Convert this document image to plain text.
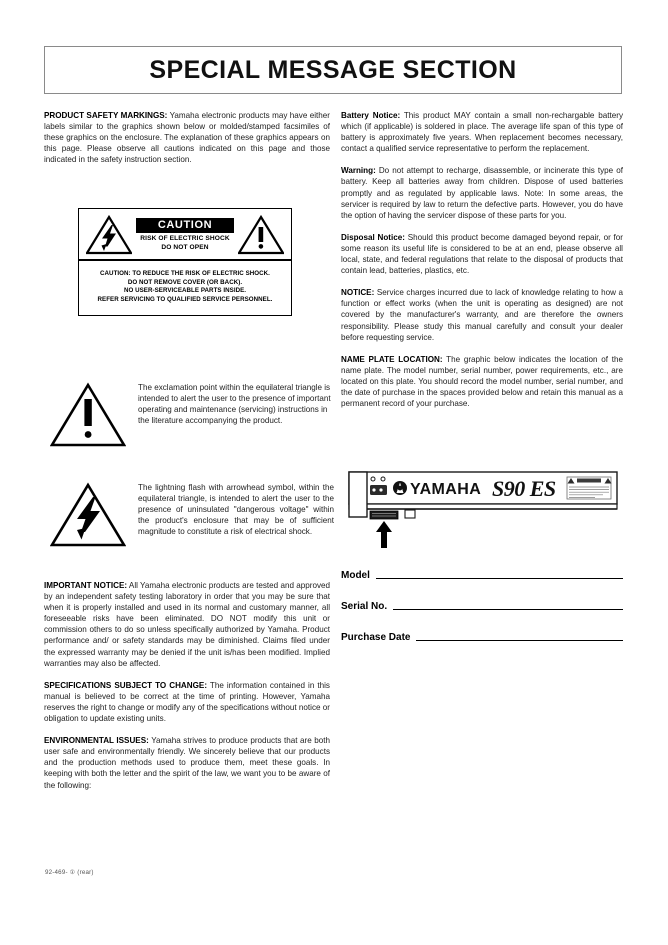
SPECIAL MESSAGE SECTION

PRODUCT SAFETY MARKINGS: Yamaha electronic products may have either labels similar to the graphics shown below or molded/stamped facsimiles of these graphics on the enclosure. The explanation of these graphics appears on this page. Please observe all cautions indicated on this page and those indicated in the safety instruction section.

CAUTION
RISK OF ELECTRIC SHOCK
DO NOT OPEN
CAUTION: TO REDUCE THE RISK OF ELECTRIC SHOCK.
DO NOT REMOVE COVER (OR BACK).
NO USER-SERVICEABLE PARTS INSIDE.
REFER SERVICING TO QUALIFIED SERVICE PERSONNEL.
The exclamation point within the equilateral triangle is intended to alert the user to the presence of important operating and maintenance (servicing) instructions in the literature accompanying the product.
The lightning flash with arrowhead symbol, within the equilateral triangle, is intended to alert the user to the presence of uninsulated "dangerous voltage" within the product's enclosure that may be of sufficient magnitude to constitute a risk of electrical shock.

Battery Notice: This product MAY contain a small non-rechargable battery which (if applicable) is soldered in place. The average life span of this type of battery is approximately five years. When replacement becomes necessary, contact a qualified service representative to perform the replacement.

Warning: Do not attempt to recharge, disassemble, or incinerate this type of battery. Keep all batteries away from children. Dispose of used batteries promptly and as regulated by applicable laws. Note: In some areas, the servicer is required by law to return the defective parts. However, you do have the option of having the servicer dispose of these parts for you.

Disposal Notice: Should this product become damaged beyond repair, or for some reason its useful life is considered to be at an end, please observe all local, state, and federal regulations that relate to the disposal of products that contain lead, batteries, plastics, etc.

NOTICE: Service charges incurred due to lack of knowledge relating to how a function or effect works (when the unit is operating as designed) are not covered by the manufacturer's warranty, and are therefore the owners responsibility. Please study this manual carefully and consult your dealer before requesting service.

NAME PLATE LOCATION: The graphic below indicates the location of the name plate. The model number, serial number, power requirements, etc., are located on this plate. You should record the model number, serial number, and the date of purchase in the spaces provided below and retain this manual as a permanent record of your purchase.

YAMAHA S90 ES
Model
Serial No.
Purchase Date

IMPORTANT NOTICE: All Yamaha electronic products are tested and approved by an independent safety testing laboratory in order that you may be sure that when it is properly installed and used in its normal and customary manner, all foreseeable risks have been eliminated. DO NOT modify this unit or commission others to do so unless specifically authorized by Yamaha. Product performance and/ or safety standards may be diminished. Claims filed under the expressed warranty may be denied if the unit is/has been modified. Implied warranties may also be affected.

SPECIFICATIONS SUBJECT TO CHANGE: The information contained in this manual is believed to be correct at the time of printing. However, Yamaha reserves the right to change or modify any of the specifications without notice or obligation to update existing units.

ENVIRONMENTAL ISSUES: Yamaha strives to produce products that are both user safe and environmentally friendly. We sincerely believe that our products and the production methods used to produce them, meet these goals. In keeping with both the letter and the spirit of the law, we want you to be aware of the following:

92-469- ① (rear)
